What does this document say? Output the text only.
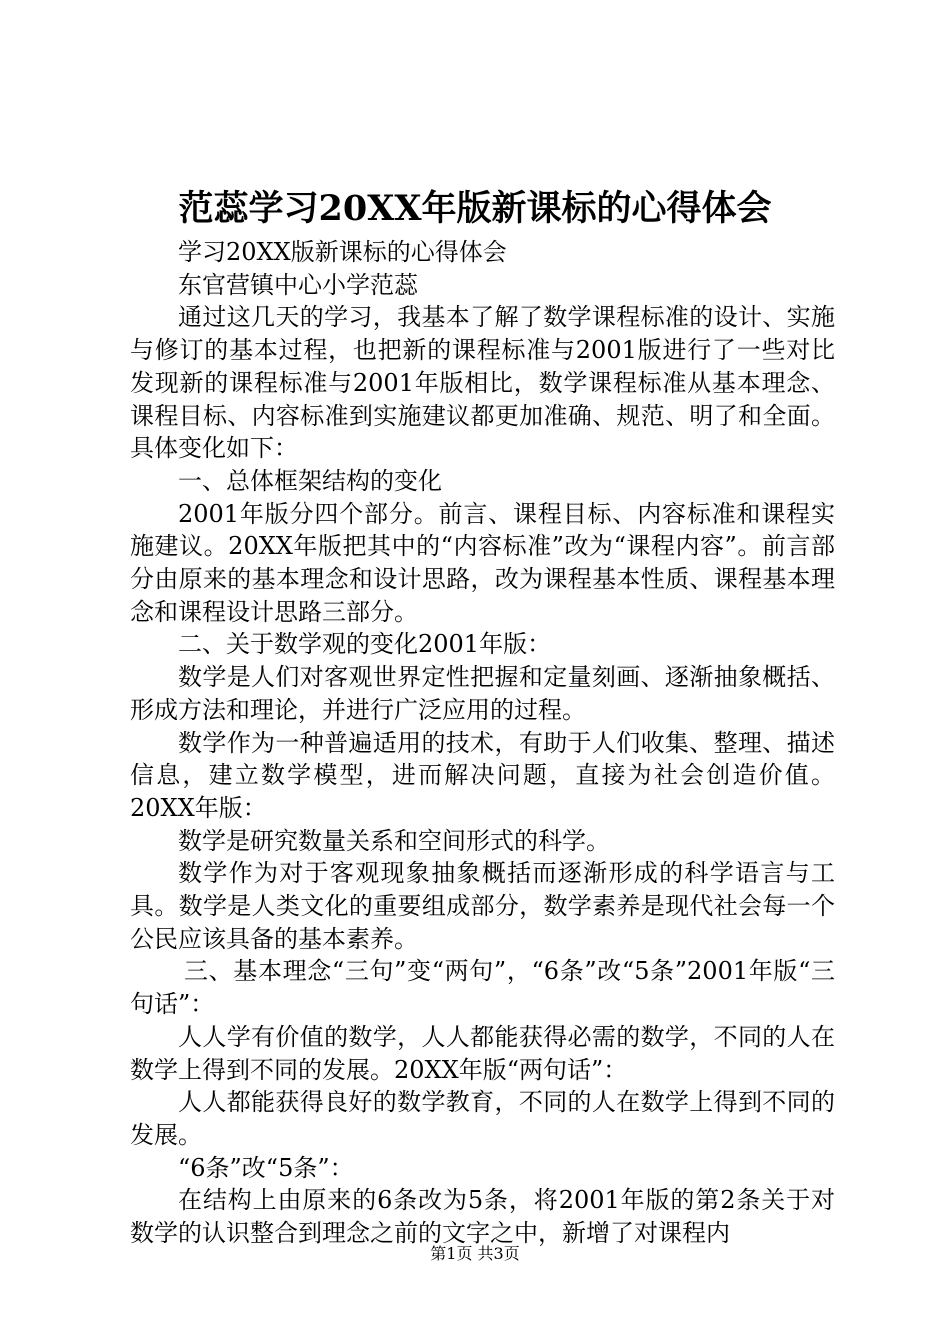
范蕊学习20XX年版新课标的心得体会

学习20XX版新课标的心得体会

东官营镇中心小学范蕊

通过这几天的学习，我基本了解了数学课程标准的设计、实施与修订的基本过程，也把新的课程标准与2001版进行了一些对比发现新的课程标准与2001年版相比，数学课程标准从基本理念、课程目标、内容标准到实施建议都更加准确、规范、明了和全面。具体变化如下：

一、总体框架结构的变化

2001年版分四个部分。前言、课程目标、内容标准和课程实施建议。20XX年版把其中的“内容标准”改为“课程内容”。前言部分由原来的基本理念和设计思路，改为课程基本性质、课程基本理念和课程设计思路三部分。

二、关于数学观的变化2001年版：

数学是人们对客观世界定性把握和定量刻画、逐渐抽象概括、形成方法和理论，并进行广泛应用的过程。

数学作为一种普遍适用的技术，有助于人们收集、整理、描述信息，建立数学模型，进而解决问题，直接为社会创造价值。20XX年版：

数学是研究数量关系和空间形式的科学。

数学作为对于客观现象抽象概括而逐渐形成的科学语言与工具。数学是人类文化的重要组成部分，数学素养是现代社会每一个公民应该具备的基本素养。

三、基本理念“三句”变“两句”，“6条”改“5条”2001年版“三句话”：

人人学有价值的数学，人人都能获得必需的数学，不同的人在数学上得到不同的发展。20XX年版“两句话”：

人人都能获得良好的数学教育，不同的人在数学上得到不同的发展。

“6条”改“5条”：

在结构上由原来的6条改为5条，将2001年版的第2条关于对数学的认识整合到理念之前的文字之中，新增了对课程内

第1页 共3页
